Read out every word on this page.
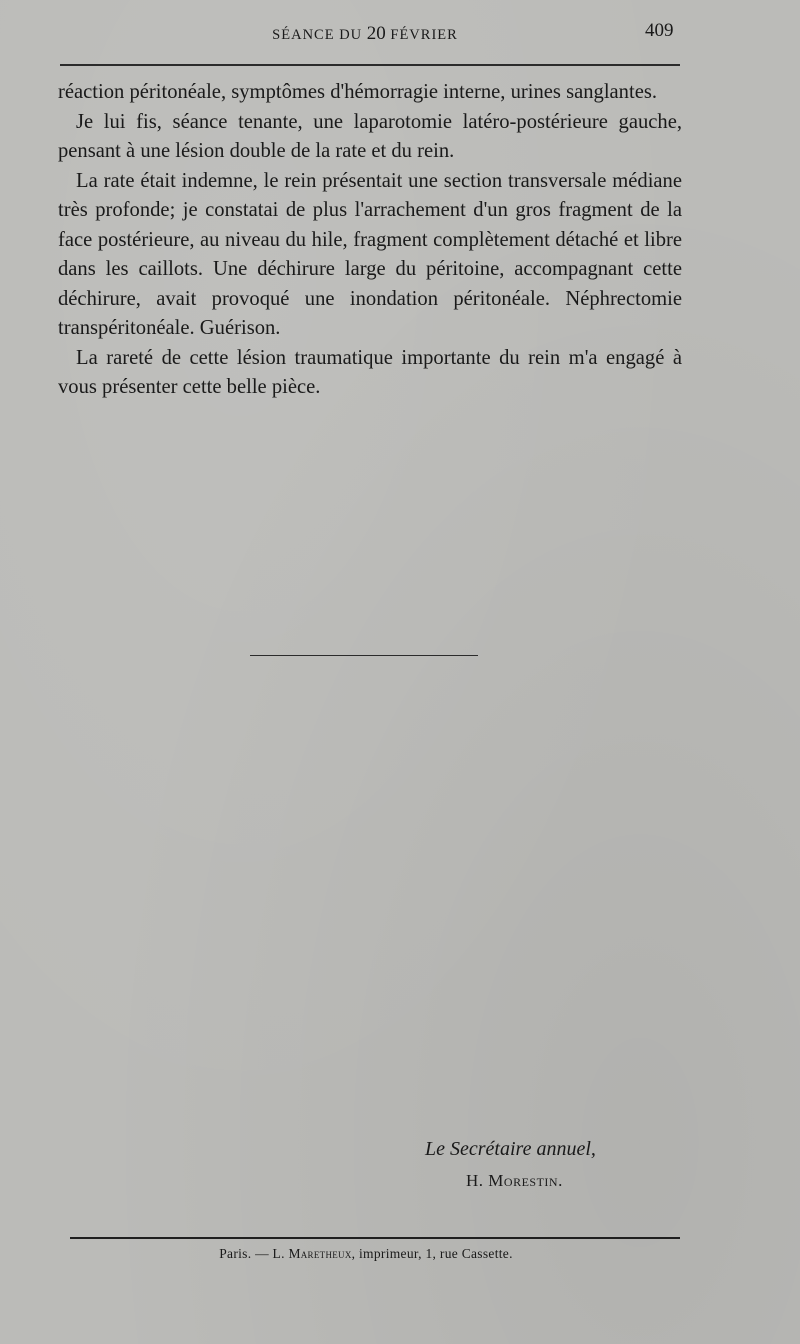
SÉANCE DU 20 FÉVRIER	409

réaction péritonéale, symptômes d'hémorragie interne, urines sanglantes.

Je lui fis, séance tenante, une laparotomie latéro-postérieure gauche, pensant à une lésion double de la rate et du rein.

La rate était indemne, le rein présentait une section transversale médiane très profonde; je constatai de plus l'arrachement d'un gros fragment de la face postérieure, au niveau du hile, fragment complètement détaché et libre dans les caillots. Une déchirure large du péritoine, accompagnant cette déchirure, avait provoqué une inondation péritonéale. Néphrectomie transpéritonéale. Guérison.

La rareté de cette lésion traumatique importante du rein m'a engagé à vous présenter cette belle pièce.

Le Secrétaire annuel,
H. Morestin.
Paris. — L. Maretheux, imprimeur, 1, rue Cassette.
